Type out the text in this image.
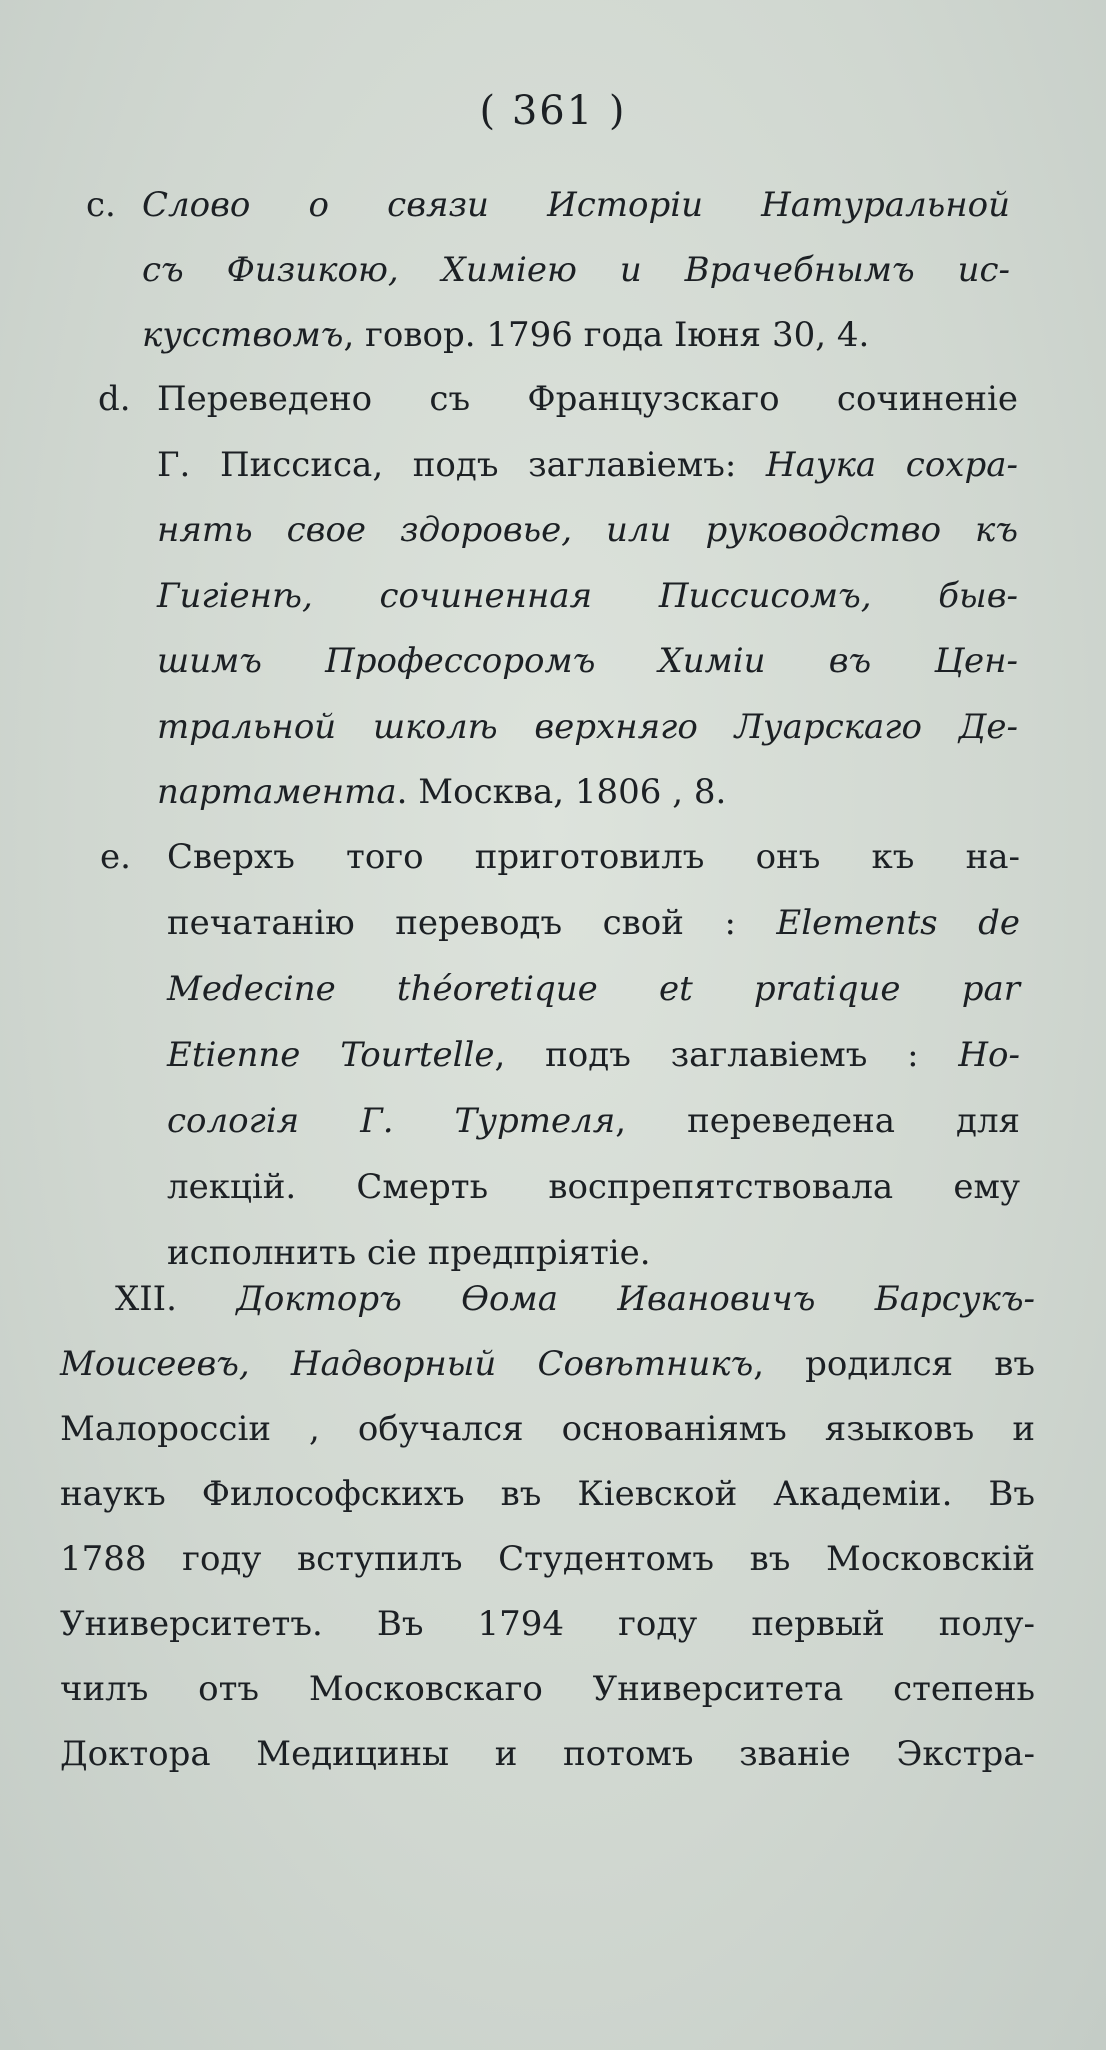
( 361 )
c. Слово о связи Исторіи Натуральной
съ Физикою, Химіею и Врачебнымъ ис-
кусствомъ, говор. 1796 года Іюня 30, 4.
d. Переведено съ Французскаго сочиненіе
Г. Писсиса, подъ заглавіемъ: Наука сохра-
нять свое здоровье, или руководство къ
Гигіенѣ, сочиненная Писсисомъ, быв-
шимъ Профессоромъ Химіи въ Цен-
тральной школѣ верхняго Луарскаго Де-
партамента. Москва, 1806 , 8.
e. Сверхъ того приготовилъ онъ къ на-
печатанію переводъ свой : Elements de
Medecine théoretique et pratique par
Etienne Tourtelle, подъ заглавіемъ : Но-
сологія Г. Туртеля, переведена для
лекцій. Смерть воспрепятствовала ему
исполнить сіе предпріятіе.
XII. Докторъ Ѳома Ивановичъ Барсукъ-
Моисеевъ, Надворный Совѣтникъ, родился въ
Малороссіи , обучался основаніямъ языковъ и
наукъ Философскихъ въ Кіевской Академіи. Въ
1788 году вступилъ Студентомъ въ Московскій
Университетъ. Въ 1794 году первый полу-
чилъ отъ Московскаго Университета степень
Доктора Медицины и потомъ званіе Экстра-
